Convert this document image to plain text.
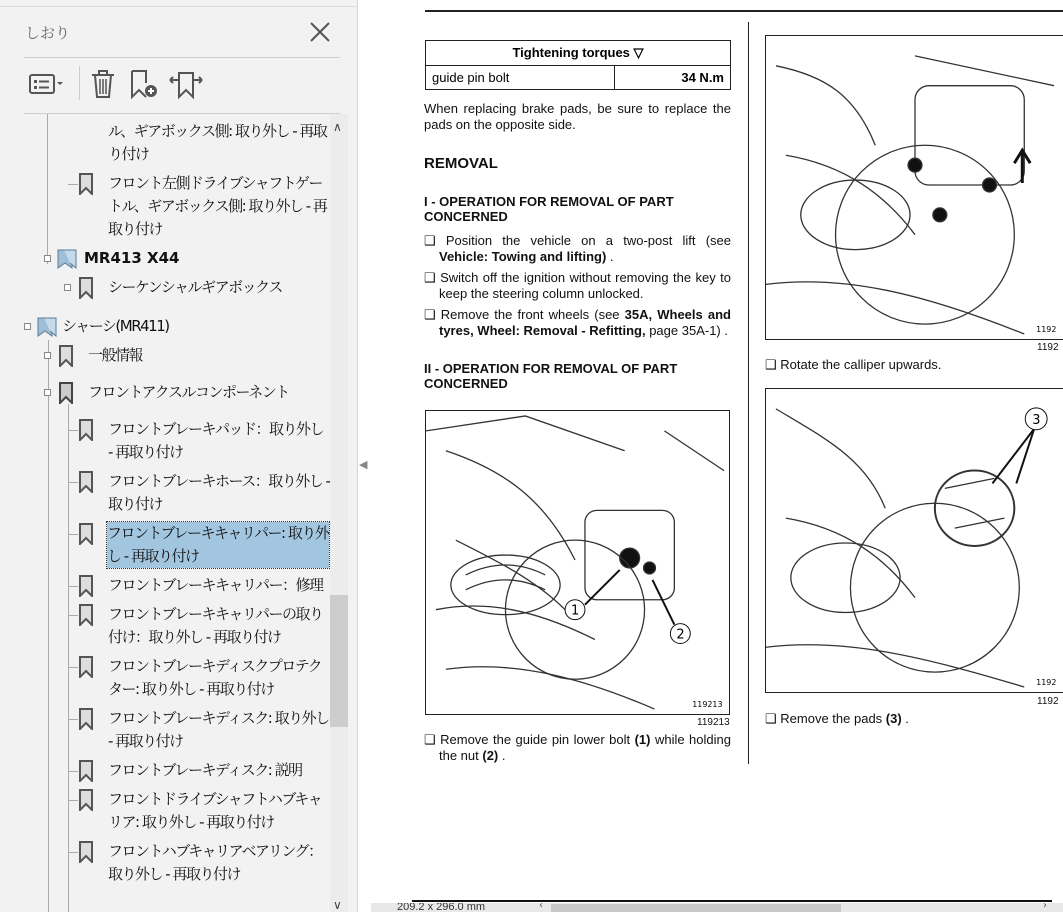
しおり
ル、ギアボックス側: 取り外し - 再取り付け
フロント左側ドライブシャフトゲートル、ギアボックス側: 取り外し - 再取り付け
MR413 X44
シーケンシャルギアボックス
シャーシ(MR411)
一般情報
フロントアクスルコンポーネント
フロントブレーキパッド：取り外し - 再取り付け
フロントブレーキホース：取り外し - 取り付け
フロントブレーキキャリパー: 取り外し - 再取り付け
フロントブレーキキャリパー：修理
フロントブレーキキャリパーの取り付け：取り外し - 再取り付け
フロントブレーキディスクプロテクター: 取り外し - 再取り付け
フロントブレーキディスク: 取り外し - 再取り付け
フロントブレーキディスク: 説明
フロントドライブシャフトハブキャリア: 取り外し - 再取り付け
フロントハブキャリアベアリング：取り外し - 再取り付け
∧
∨
◀
Tightening torques ▽
guide pin bolt	34 N.m
When replacing brake pads, be sure to replace the pads on the opposite side.
REMOVAL
I - OPERATION FOR REMOVAL OF PART CONCERNED
❑ Position the vehicle on a two-post lift (see Vehicle: Towing and lifting) .
❑ Switch off the ignition without removing the key to keep the steering column unlocked.
❑ Remove the front wheels (see 35A, Wheels and tyres, Wheel: Removal - Refitting, page 35A-1) .
II - OPERATION FOR REMOVAL OF PART CONCERNED
1
2
119213
119213
❑ Remove the guide pin lower bolt (1) while holding the nut (2) .
1192
1192
❑ Rotate the calliper upwards.
3
1192
1192
❑ Remove the pads (3) .
209.2 x 296.0 mm	‹	›
